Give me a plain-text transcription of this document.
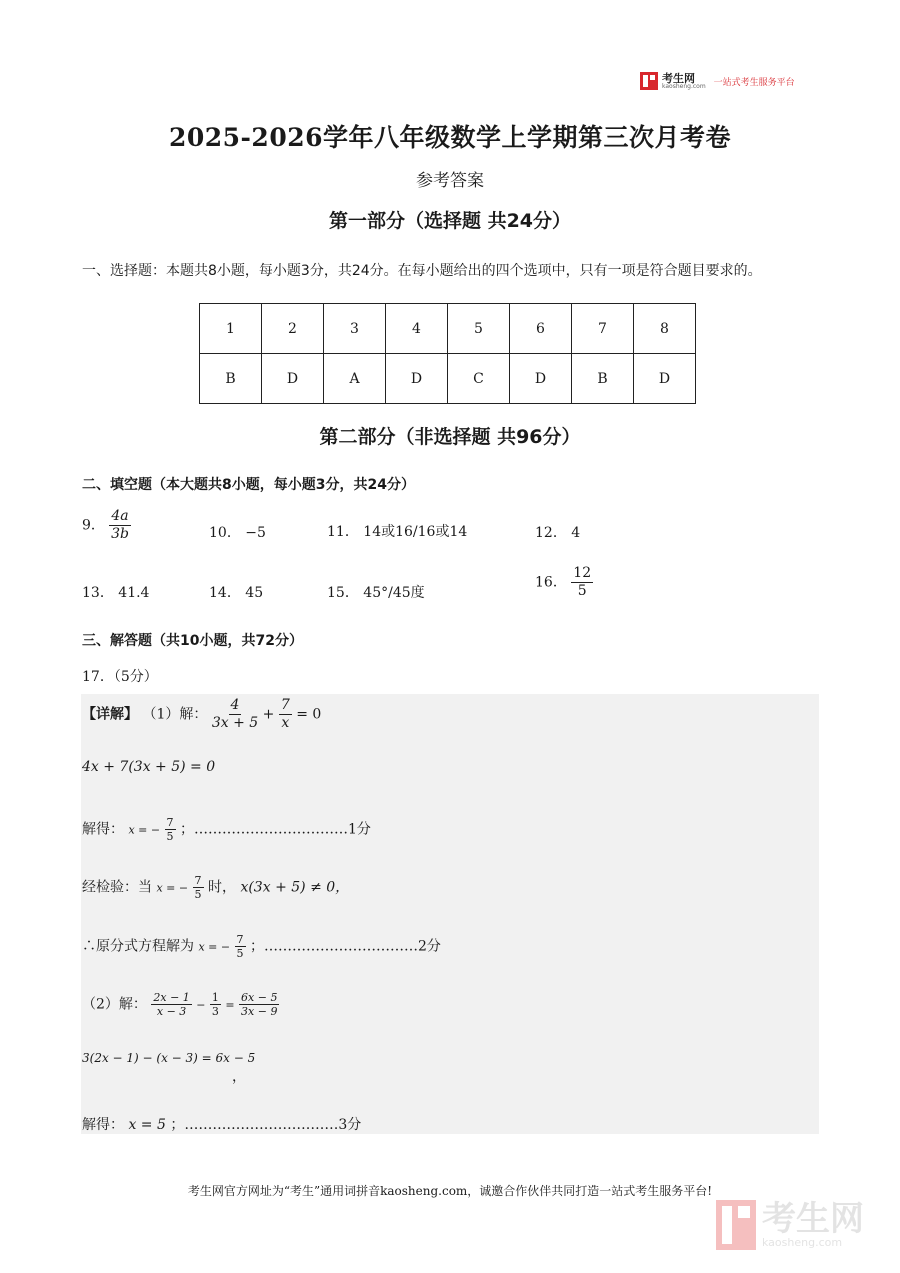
考生网
kaosheng.com 一站式考生服务平台
2025-2026学年八年级数学上学期第三次月考卷
参考答案
第一部分（选择题 共24分）
一、选择题：本题共8小题，每小题3分，共24分。在每小题给出的四个选项中，只有一项是符合题目要求的。
1	2	3	4	5	6	7	8
B	D	A	D	C	D	B	D
第二部分（非选择题 共96分）
二、填空题（本大题共8小题，每小题3分，共24分）
9． $\frac{4a}{3b}$	10． −5	11． 14或16/16或14	12． 4
13． 41.4	14． 45	15． 45°/45度
16． $\frac{12}{5}$
三、解答题（共10小题，共72分）
17．（5分）
【详解】 （1）解： $\frac{4}{3x + 5} + \frac{7}{x} = 0$
4x + 7(3x + 5) = 0
解得： x = − $\frac{7}{5}$ ；……………………………1分
经检验：当 x = − $\frac{7}{5}$ 时， x(3x + 5) ≠ 0，
∴原分式方程解为 x = − $\frac{7}{5}$ ；……………………………2分
（2）解： $\frac{2x - 1}{x - 3} - \frac{1}{3} = \frac{6x - 5}{3x - 9}$
3(2x − 1) − (x − 3) = 6x − 5
，
解得： x = 5 ；……………………………3分
考生网官方网址为“考生”通用词拼音kaosheng.com，诚邀合作伙伴共同打造一站式考生服务平台!
考生网
kaosheng.com
